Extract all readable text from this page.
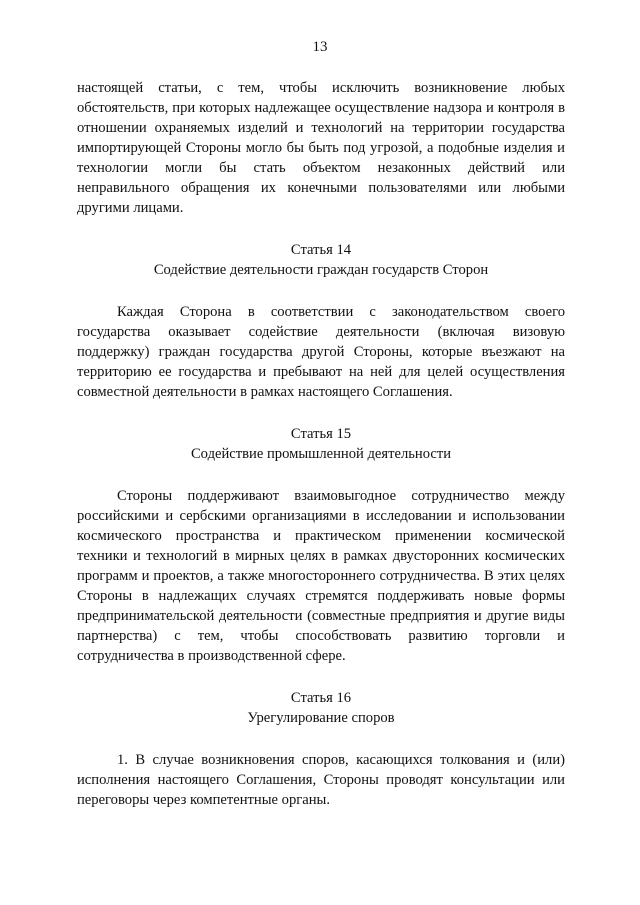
13

настоящей статьи, с тем, чтобы исключить возникновение любых обстоятельств, при которых надлежащее осуществление надзора и контроля в отношении охраняемых изделий и технологий на территории государства импортирующей Стороны могло бы быть под угрозой, а подобные изделия и технологии могли бы стать объектом незаконных действий или неправильного обращения их конечными пользователями или любыми другими лицами.

Статья 14

Содействие деятельности граждан государств Сторон

Каждая Сторона в соответствии с законодательством своего государства оказывает содействие деятельности (включая визовую поддержку) граждан государства другой Стороны, которые въезжают на территорию ее государства и пребывают на ней для целей осуществления совместной деятельности в рамках настоящего Соглашения.

Статья 15

Содействие промышленной деятельности

Стороны поддерживают взаимовыгодное сотрудничество между российскими и сербскими организациями в исследовании и использовании космического пространства и практическом применении космической техники и технологий в мирных целях в рамках двусторонних космических программ и проектов, а также многостороннего сотрудничества. В этих целях Стороны в надлежащих случаях стремятся поддерживать новые формы предпринимательской деятельности (совместные предприятия и другие виды партнерства) с тем, чтобы способствовать развитию торговли и сотрудничества в производственной сфере.

Статья 16

Урегулирование споров

1. В случае возникновения споров, касающихся толкования и (или) исполнения настоящего Соглашения, Стороны проводят консультации или переговоры через компетентные органы.
